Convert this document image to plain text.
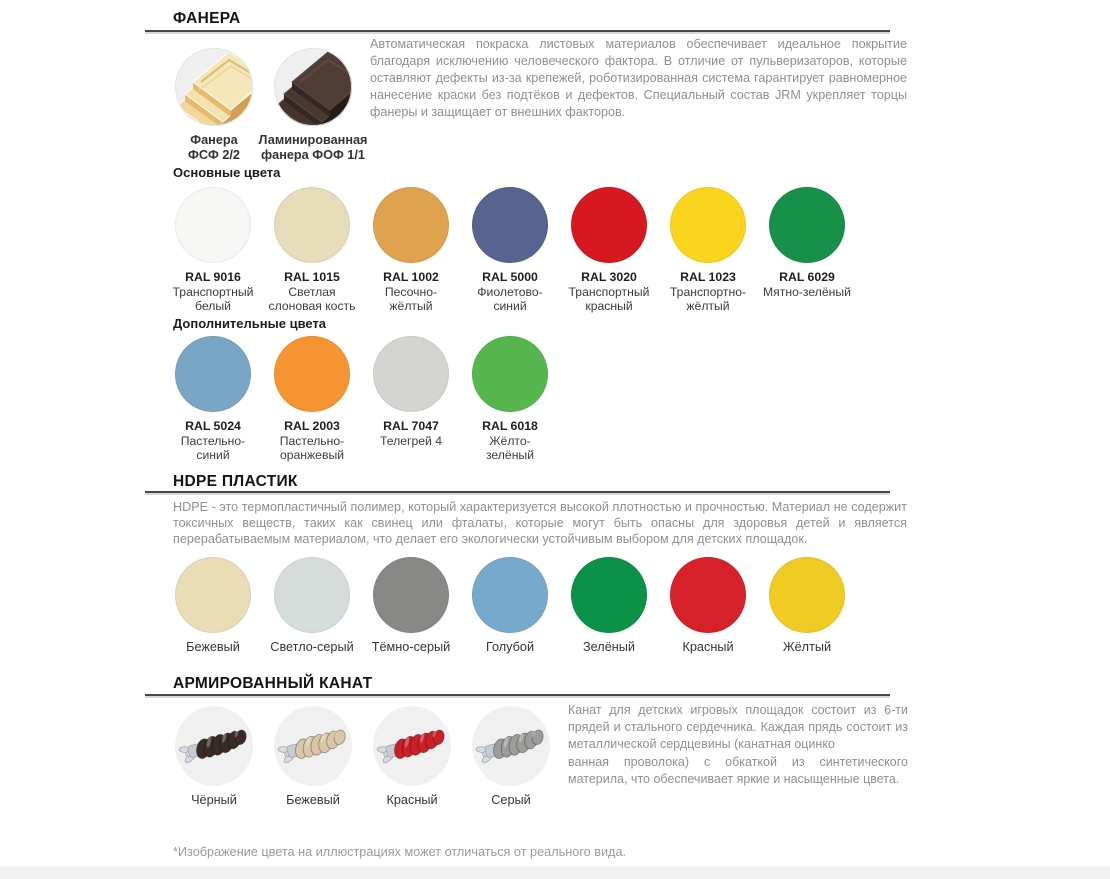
ФАНЕРА
Фанера
ФСФ 2/2
Ламинированная
фанера ФОФ 1/1
Автоматическая покраска листовых материалов обеспечивает идеальное покрытие
благодаря исключению человеческого фактора. В отличие от пульверизаторов, которые
оставляют дефекты из-за крепежей, роботизированная система гарантирует равномерное
нанесение краски без подтёков и дефектов. Специальный состав JRM укрепляет торцы
фанеры и защищает от внешних факторов.
Основные цвета
RAL 9016
Транспортный
белый
RAL 1015
Светлая
слоновая кость
RAL 1002
Песочно-
жёлтый
RAL 5000
Фиолетово-
синий
RAL 3020
Транспортный
красный
RAL 1023
Транспортно-
жёлтый
RAL 6029
Мятно-зелёный
Дополнительные цвета
RAL 5024
Пастельно-
синий
RAL 2003
Пастельно-
оранжевый
RAL 7047
Телегрей 4
RAL 6018
Жёлто-
зелёный
HDPE ПЛАСТИК
HDPE - это термопластичный полимер, который характеризуется высокой плотностью и прочностью. Материал не содержит
токсичных веществ, таких как свинец или фталаты, которые могут быть опасны для здоровья детей и является
перерабатываемым материалом, что делает его экологически устойчивым выбором для детских площадок.
Бежевый	Светло-серый	Тёмно-серый	Голубой	Зелёный	Красный	Жёлтый
АРМИРОВАННЫЙ КАНАТ
Чёрный	Бежевый	Красный	Серый
Канат для детских игровых площадок состоит из 6-ти
прядей и стального сердечника. Каждая прядь состоит из
металлической сердцевины (канатная оцинко
ванная проволока) с обкаткой из синтетического
материла, что обеспечивает яркие и насыщенные цвета.
*Изображение цвета на иллюстрациях может отличаться от реального вида.
